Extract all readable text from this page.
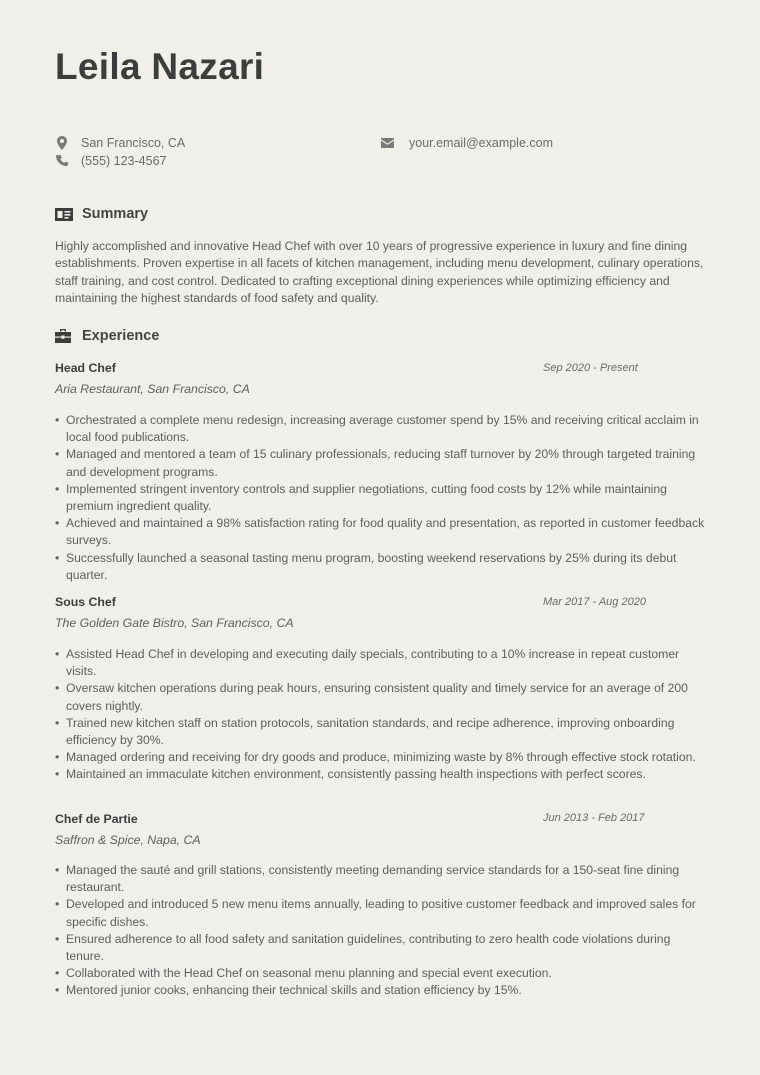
Leila Nazari
San Francisco, CA	your.email@example.com
(555) 123-4567
Summary
Highly accomplished and innovative Head Chef with over 10 years of progressive experience in luxury and fine dining establishments. Proven expertise in all facets of kitchen management, including menu development, culinary operations, staff training, and cost control. Dedicated to crafting exceptional dining experiences while optimizing efficiency and maintaining the highest standards of food safety and quality.
Experience
Head Chef	Sep 2020 - Present
Aria Restaurant, San Francisco, CA
• Orchestrated a complete menu redesign, increasing average customer spend by 15% and receiving critical acclaim in local food publications.
• Managed and mentored a team of 15 culinary professionals, reducing staff turnover by 20% through targeted training and development programs.
• Implemented stringent inventory controls and supplier negotiations, cutting food costs by 12% while maintaining premium ingredient quality.
• Achieved and maintained a 98% satisfaction rating for food quality and presentation, as reported in customer feedback surveys.
• Successfully launched a seasonal tasting menu program, boosting weekend reservations by 25% during its debut quarter.
Sous Chef	Mar 2017 - Aug 2020
The Golden Gate Bistro, San Francisco, CA
• Assisted Head Chef in developing and executing daily specials, contributing to a 10% increase in repeat customer visits.
• Oversaw kitchen operations during peak hours, ensuring consistent quality and timely service for an average of 200 covers nightly.
• Trained new kitchen staff on station protocols, sanitation standards, and recipe adherence, improving onboarding efficiency by 30%.
• Managed ordering and receiving for dry goods and produce, minimizing waste by 8% through effective stock rotation.
• Maintained an immaculate kitchen environment, consistently passing health inspections with perfect scores.
Chef de Partie	Jun 2013 - Feb 2017
Saffron & Spice, Napa, CA
• Managed the sauté and grill stations, consistently meeting demanding service standards for a 150-seat fine dining restaurant.
• Developed and introduced 5 new menu items annually, leading to positive customer feedback and improved sales for specific dishes.
• Ensured adherence to all food safety and sanitation guidelines, contributing to zero health code violations during tenure.
• Collaborated with the Head Chef on seasonal menu planning and special event execution.
• Mentored junior cooks, enhancing their technical skills and station efficiency by 15%.
